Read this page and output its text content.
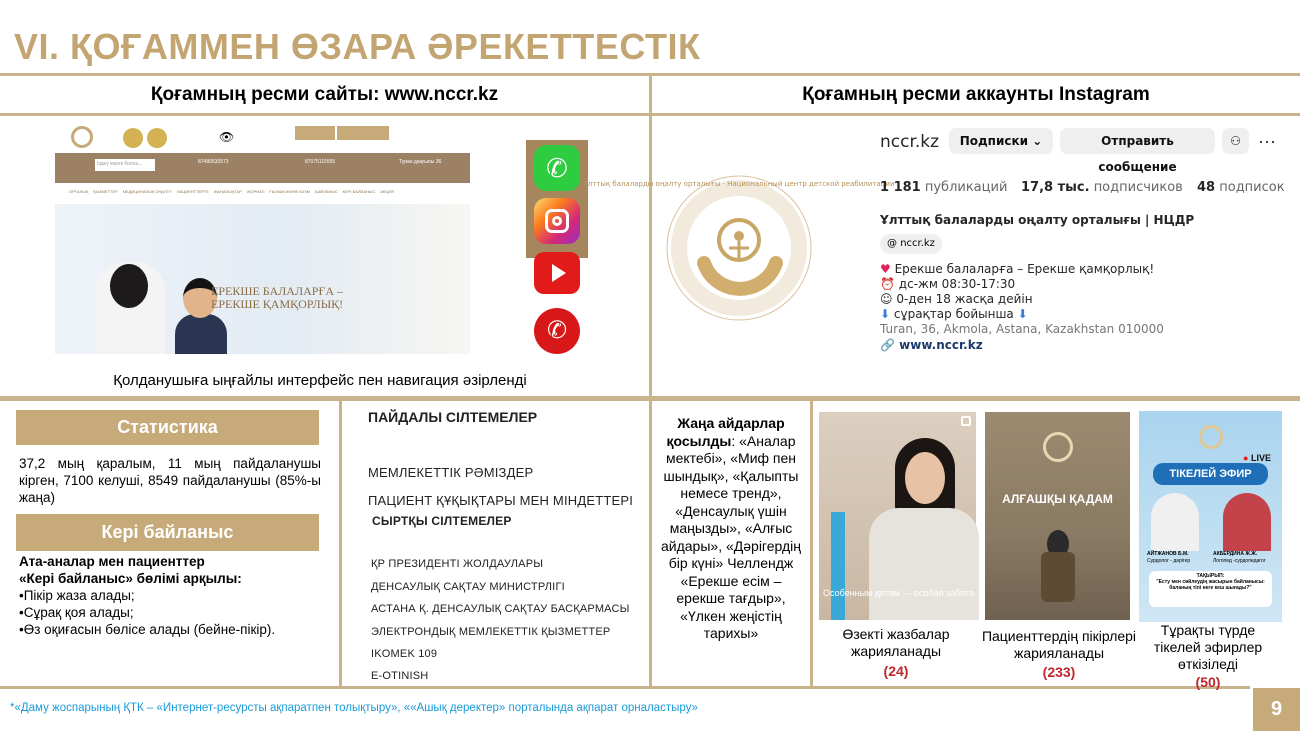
VI. ҚОҒАММЕН ӨЗАРА ӘРЕКЕТТЕСТІК
Қоғамның ресми сайты: www.nccr.kz	Қоғамның ресми аккаунты Instagram
👁
Іздеу керек болса...	87480530573	87075115555	Туран даңғылы 36
ОРТАЛЫҚ ҚЫЗМЕТТЕР МЕДИЦИНАЛЫҚ ОҢАЛТУ ПАЦИЕНТТЕРГЕ ЖАҢАЛЫҚТАР ЖОРНАЛ ҒЫЛЫМ ЖӘНЕ БІЛІМ БАЙЛАНЫС КЕРІ БАЙЛАНЫС АКЦИЯ
ЕРЕКШЕ БАЛАЛАРҒА –
ЕРЕКШЕ ҚАМҚОРЛЫҚ!
✆
✆
Қолданушыға ыңғайлы интерфейс пен навигация әзірленді
Ұлттық балаларды оңалту орталығы · Национальный центр детской реабилитации
nccr.kz	Подписки ⌄	Отправить сообщение
⚇ ···
1 181 публикаций 17,8 тыс. подписчиков 48 подписок
Ұлттық балаларды оңалту орталығы | НЦДР
@ nccr.kz
♥ Ерекше балаларға – Ерекше қамқорлық!
⏰ дс-жм 08:30-17:30
☺ 0-ден 18 жасқа дейін
⬇ сұрақтар бойынша ⬇
Turan, 36, Akmola, Astana, Kazakhstan 010000
🔗 www.nccr.kz
Статистика
37,2 мың қаралым, 11 мың пайдаланушы кірген, 7100 келуші, 8549 пайдаланушы (85%-ы жаңа)
Кері байланыс
Ата-аналар мен пациенттер
«Кері байланыс» бөлімі арқылы:
•Пікір жаза алады;
•Сұрақ қоя алады;
•Өз оқиғасын бөлісе алады (бейне-пікір).
ПАЙДАЛЫ СІЛТЕМЕЛЕР
МЕМЛЕКЕТТІК РӘМІЗДЕР
ПАЦИЕНТ ҚҰҚЫҚТАРЫ МЕН МІНДЕТТЕРІ
СЫРТҚЫ СІЛТЕМЕЛЕР
ҚР ПРЕЗИДЕНТІ ЖОЛДАУЛАРЫ
ДЕНСАУЛЫҚ САҚТАУ МИНИСТРЛІГІ
АСТАНА Қ. ДЕНСАУЛЫҚ САҚТАУ БАСҚАРМАСЫ
ЭЛЕКТРОНДЫҚ МЕМЛЕКЕТТІК ҚЫЗМЕТТЕР
IKOMEK 109
E-OTINISH
Жаңа айдарлар қосылды: «Аналар мектебі», «Миф пен шындық», «Қалыпты немесе тренд», «Денсаулық үшін маңызды», «Алғыс айдары», «Дәрігердің бір күні» Челлендж «Ерекше есім – ерекше тағдыр», «Үлкен жеңістің тарихы»
Особенным детям — особая забота
Өзекті жазбалар жарияланады
(24)
АЛҒАШҚЫ ҚАДАМ
Пациенттердің пікірлері жарияланады
(233)
● LIVE
ТІКЕЛЕЙ ЭФИР
АЙТЖАНОВ Б.М.
Сурдолог - дәрігер
АКБЕРДИНА Ж.Ж.
Логопед -сурдопедагог
ТАҚЫРЫП:
"Есту мен сөйлеудің жасырын байланысы: баланың тілі неге кеш шығады?"
Тұрақты түрде тікелей эфирлер өткізіледі
(50)
*«Даму жоспарының ҚТК – «Интернет-ресурсты ақпаратпен толықтыру», ««Ашық деректер» порталында ақпарат орналастыру»	9
